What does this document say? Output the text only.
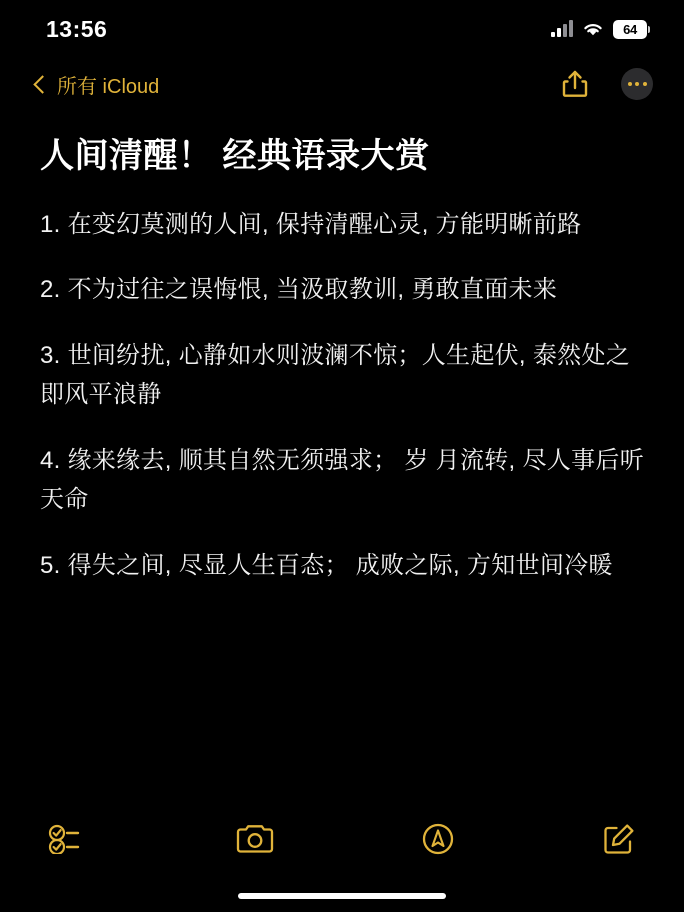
13:56	64
所有 iCloud
人间清醒！ 经典语录大赏

1. 在变幻莫测的人间, 保持清醒心灵, 方能明晰前路

2. 不为过往之误悔恨, 当汲取教训, 勇敢直面未来

3. 世间纷扰, 心静如水则波澜不惊；人生起伏, 泰然处之即风平浪静

4. 缘来缘去, 顺其自然无须强求； 岁 月流转, 尽人事后听天命

5. 得失之间, 尽显人生百态； 成败之际, 方知世间冷暖
